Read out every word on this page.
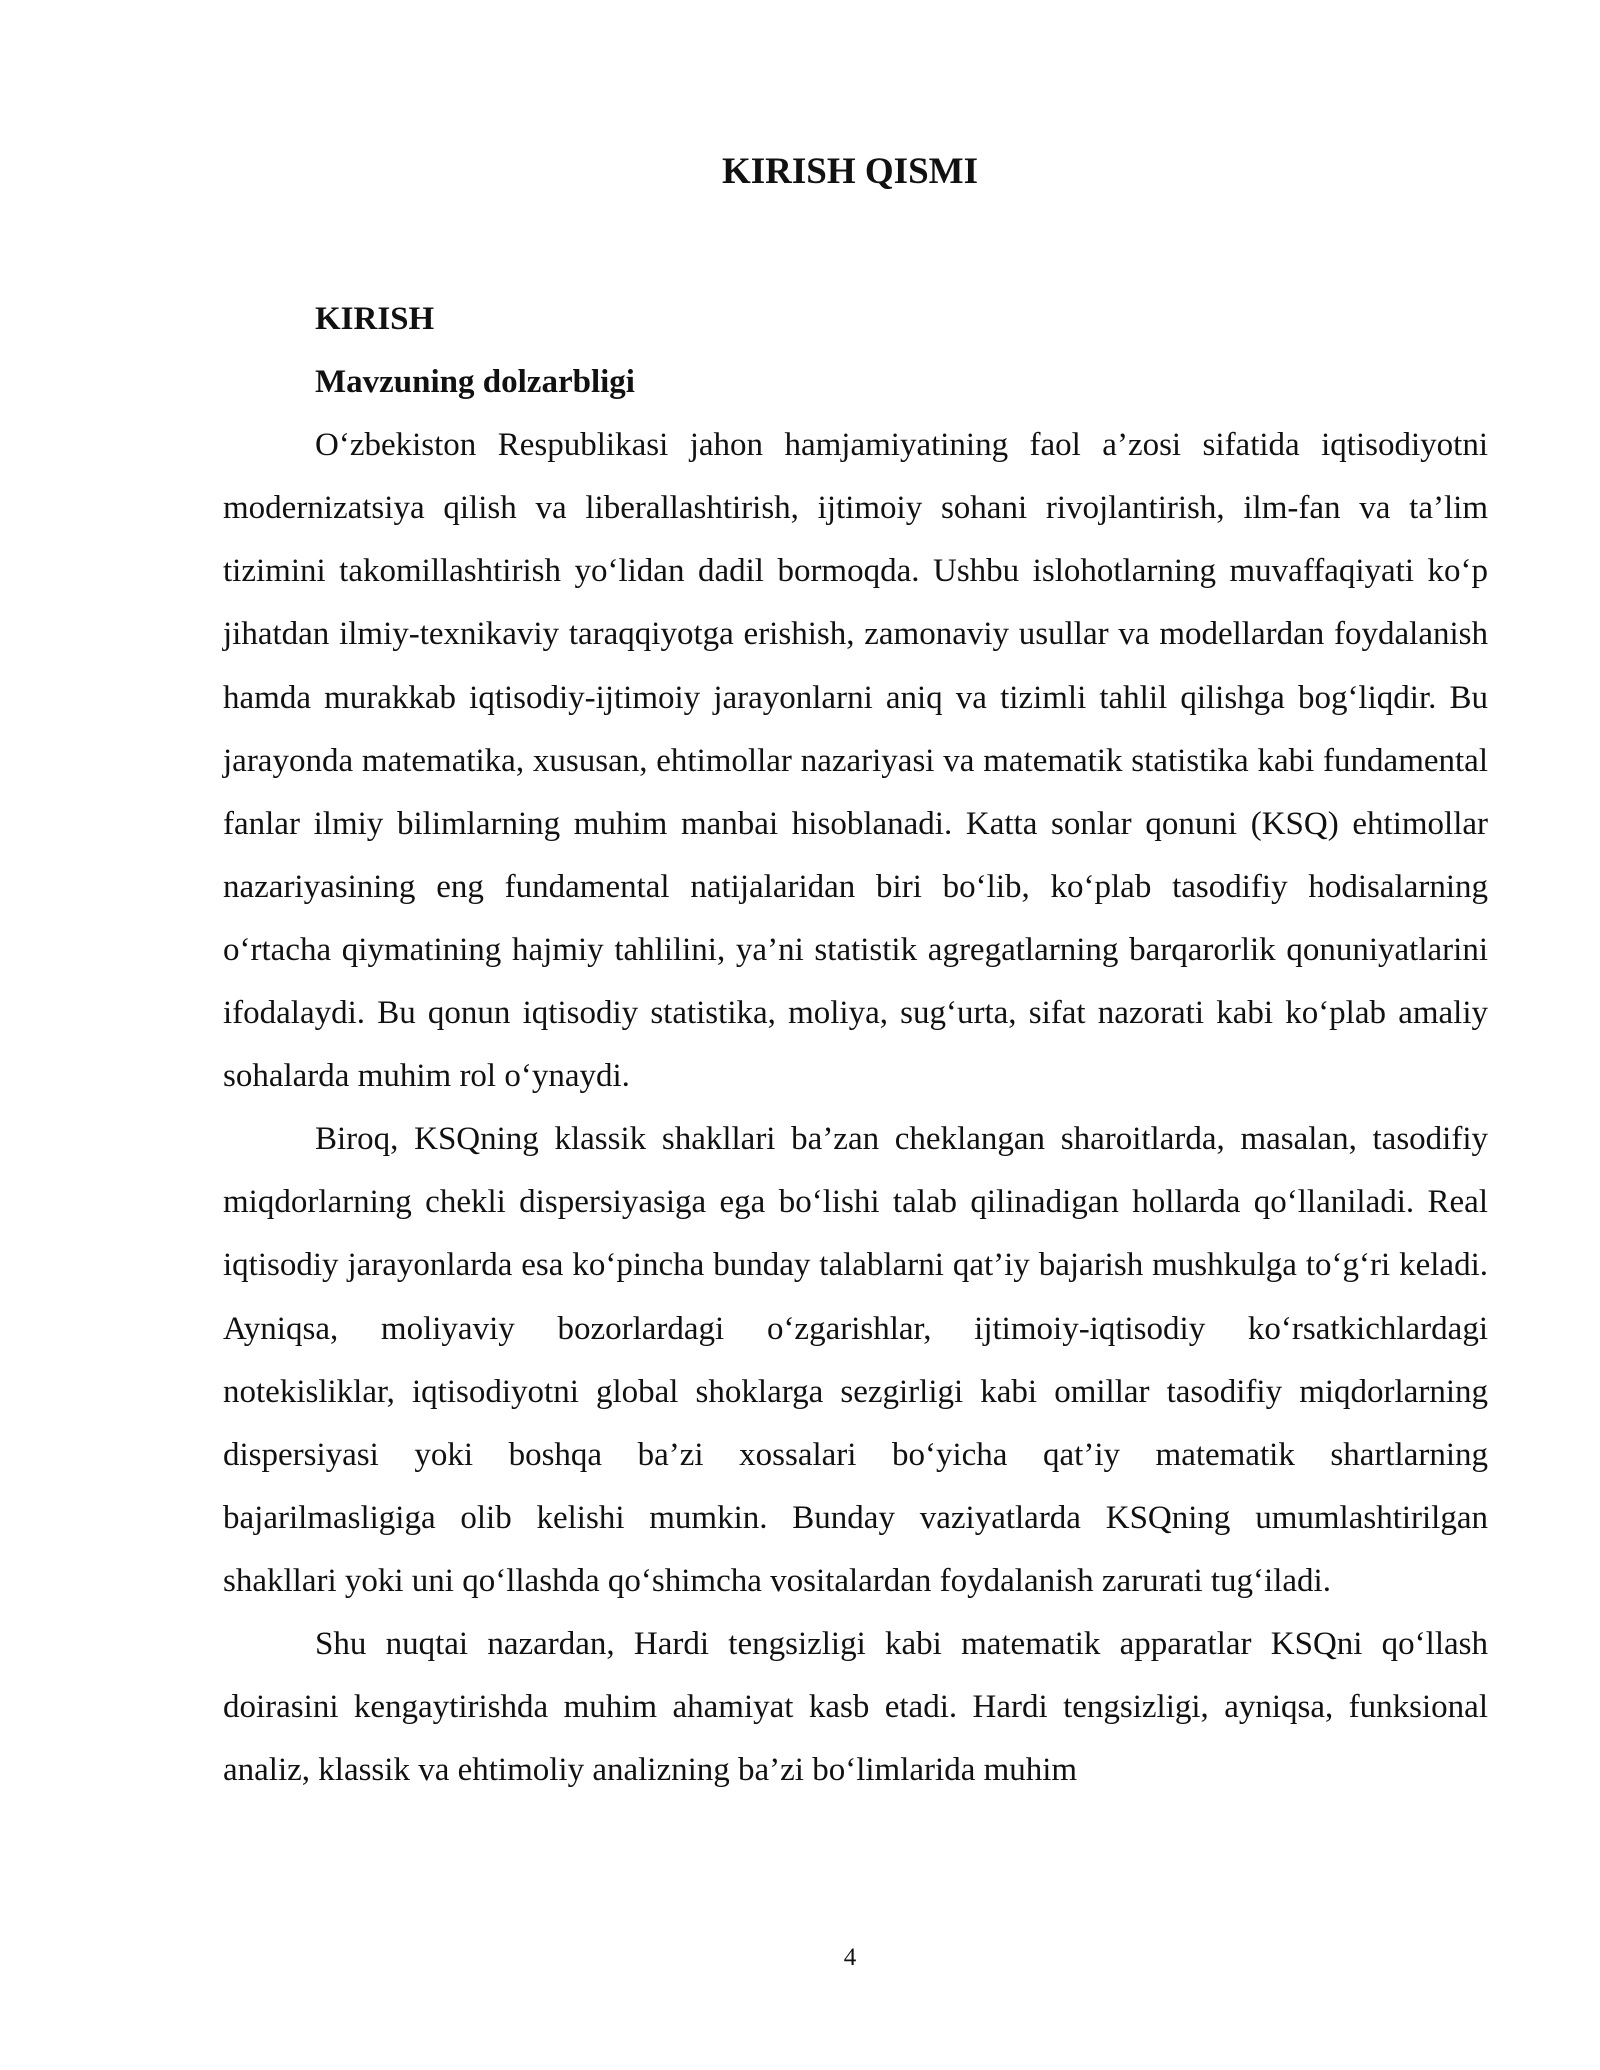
KIRISH QISMI

KIRISH

Mavzuning dolzarbligi

O‘zbekiston Respublikasi jahon hamjamiyatining faol a’zosi sifatida iqtisodiyotni modernizatsiya qilish va liberallashtirish, ijtimoiy sohani rivojlantirish, ilm-fan va ta’lim tizimini takomillashtirish yo‘lidan dadil bormoqda. Ushbu islohotlarning muvaffaqiyati ko‘p jihatdan ilmiy-texnikaviy taraqqiyotga erishish, zamonaviy usullar va modellardan foydalanish hamda murakkab iqtisodiy-ijtimoiy jarayonlarni aniq va tizimli tahlil qilishga bog‘liqdir. Bu jarayonda matematika, xususan, ehtimollar nazariyasi va matematik statistika kabi fundamental fanlar ilmiy bilimlarning muhim manbai hisoblanadi. Katta sonlar qonuni (KSQ) ehtimollar nazariyasining eng fundamental natijalaridan biri bo‘lib, ko‘plab tasodifiy hodisalarning o‘rtacha qiymatining hajmiy tahlilini, ya’ni statistik agregatlarning barqarorlik qonuniyatlarini ifodalaydi. Bu qonun iqtisodiy statistika, moliya, sug‘urta, sifat nazorati kabi ko‘plab amaliy sohalarda muhim rol o‘ynaydi.

Biroq, KSQning klassik shakllari ba’zan cheklangan sharoitlarda, masalan, tasodifiy miqdorlarning chekli dispersiyasiga ega bo‘lishi talab qilinadigan hollarda qo‘llaniladi. Real iqtisodiy jarayonlarda esa ko‘pincha bunday talablarni qat’iy bajarish mushkulga to‘g‘ri keladi. Ayniqsa, moliyaviy bozorlardagi o‘zgarishlar, ijtimoiy-iqtisodiy ko‘rsatkichlardagi notekisliklar, iqtisodiyotni global shoklarga sezgirligi kabi omillar tasodifiy miqdorlarning dispersiyasi yoki boshqa ba’zi xossalari bo‘yicha qat’iy matematik shartlarning bajarilmasligiga olib kelishi mumkin. Bunday vaziyatlarda KSQning umumlashtirilgan shakllari yoki uni qo‘llashda qo‘shimcha vositalardan foydalanish zarurati tug‘iladi.

Shu nuqtai nazardan, Hardi tengsizligi kabi matematik apparatlar KSQni qo‘llash doirasini kengaytirishda muhim ahamiyat kasb etadi. Hardi tengsizligi, ayniqsa, funksional analiz, klassik va ehtimoliy analizning ba’zi bo‘limlarida muhim

4
